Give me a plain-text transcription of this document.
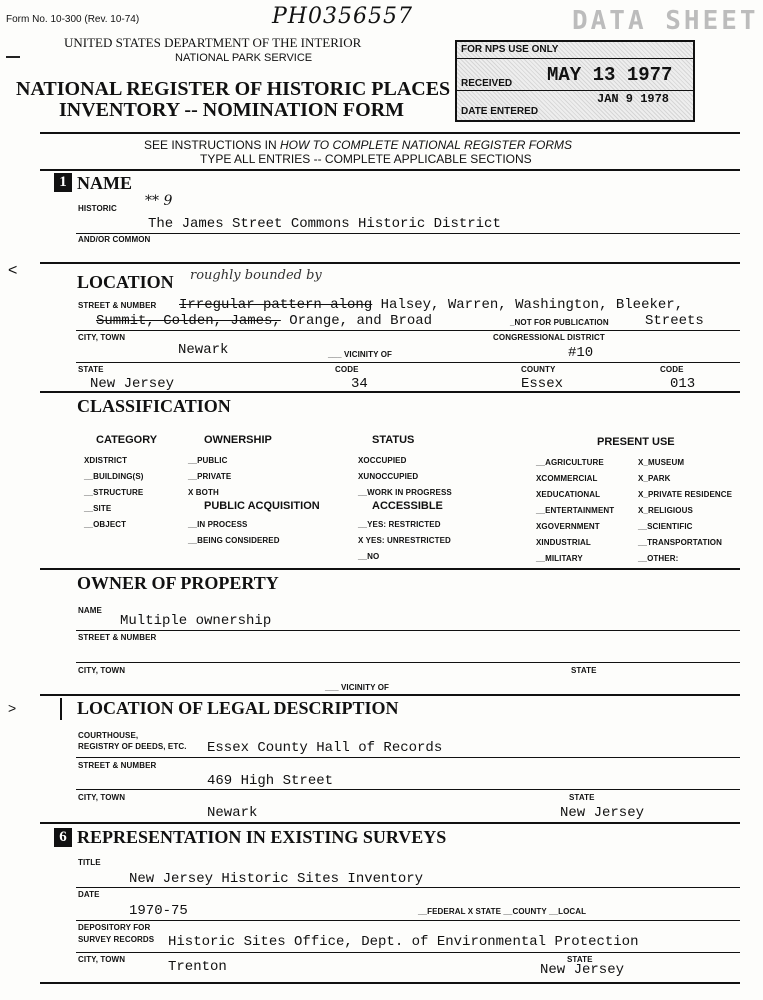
Form No. 10-300 (Rev. 10-74)	PH0356557	DATA SHEET
UNITED STATES DEPARTMENT OF THE INTERIOR
NATIONAL PARK SERVICE
NATIONAL REGISTER OF HISTORIC PLACES
INVENTORY -- NOMINATION FORM
FOR NPS USE ONLY
RECEIVED MAY 13 1977
DATE ENTERED
JAN 9 1978
SEE INSTRUCTIONS IN HOW TO COMPLETE NATIONAL REGISTER FORMS
TYPE ALL ENTRIES -- COMPLETE APPLICABLE SECTIONS
1 NAME
HISTORIC ** 9
The James Street Commons Historic District
AND/OR COMMON
LOCATION roughly bounded by
STREET & NUMBER Irregular pattern along Halsey, Warren, Washington, Bleeker,
Summit, Colden, James, Orange, and Broad	_NOT FOR PUBLICATION	Streets
CITY, TOWN	CONGRESSIONAL DISTRICT
Newark	___ VICINITY OF	#10
STATE	CODE	COUNTY	CODE
New Jersey	34	Essex	013
CLASSIFICATION
CATEGORY
XDISTRICT
__BUILDING(S)
__STRUCTURE
__SITE
__OBJECT
OWNERSHIP
__PUBLIC
__PRIVATE
X BOTH
PUBLIC ACQUISITION
__IN PROCESS
__BEING CONSIDERED
STATUS
XOCCUPIED
XUNOCCUPIED
__WORK IN PROGRESS
ACCESSIBLE
__YES: RESTRICTED
X YES: UNRESTRICTED
__NO
PRESENT USE
__AGRICULTURE
XCOMMERCIAL
XEDUCATIONAL
__ENTERTAINMENT
XGOVERNMENT
XINDUSTRIAL
__MILITARY
X_MUSEUM
X_PARK
X_PRIVATE RESIDENCE
X_RELIGIOUS
__SCIENTIFIC
__TRANSPORTATION
__OTHER:
OWNER OF PROPERTY
NAME
Multiple ownership
STREET & NUMBER
CITY, TOWN	STATE
___ VICINITY OF
LOCATION OF LEGAL DESCRIPTION
COURTHOUSE,
REGISTRY OF DEEDS, ETC. Essex County Hall of Records
STREET & NUMBER
469 High Street
CITY, TOWN	STATE
Newark	New Jersey
6 REPRESENTATION IN EXISTING SURVEYS
TITLE
New Jersey Historic Sites Inventory
DATE
1970-75	__FEDERAL X STATE __COUNTY __LOCAL
DEPOSITORY FOR
SURVEY RECORDS Historic Sites Office, Dept. of Environmental Protection
CITY, TOWN	STATE
Trenton	New Jersey
<
>
